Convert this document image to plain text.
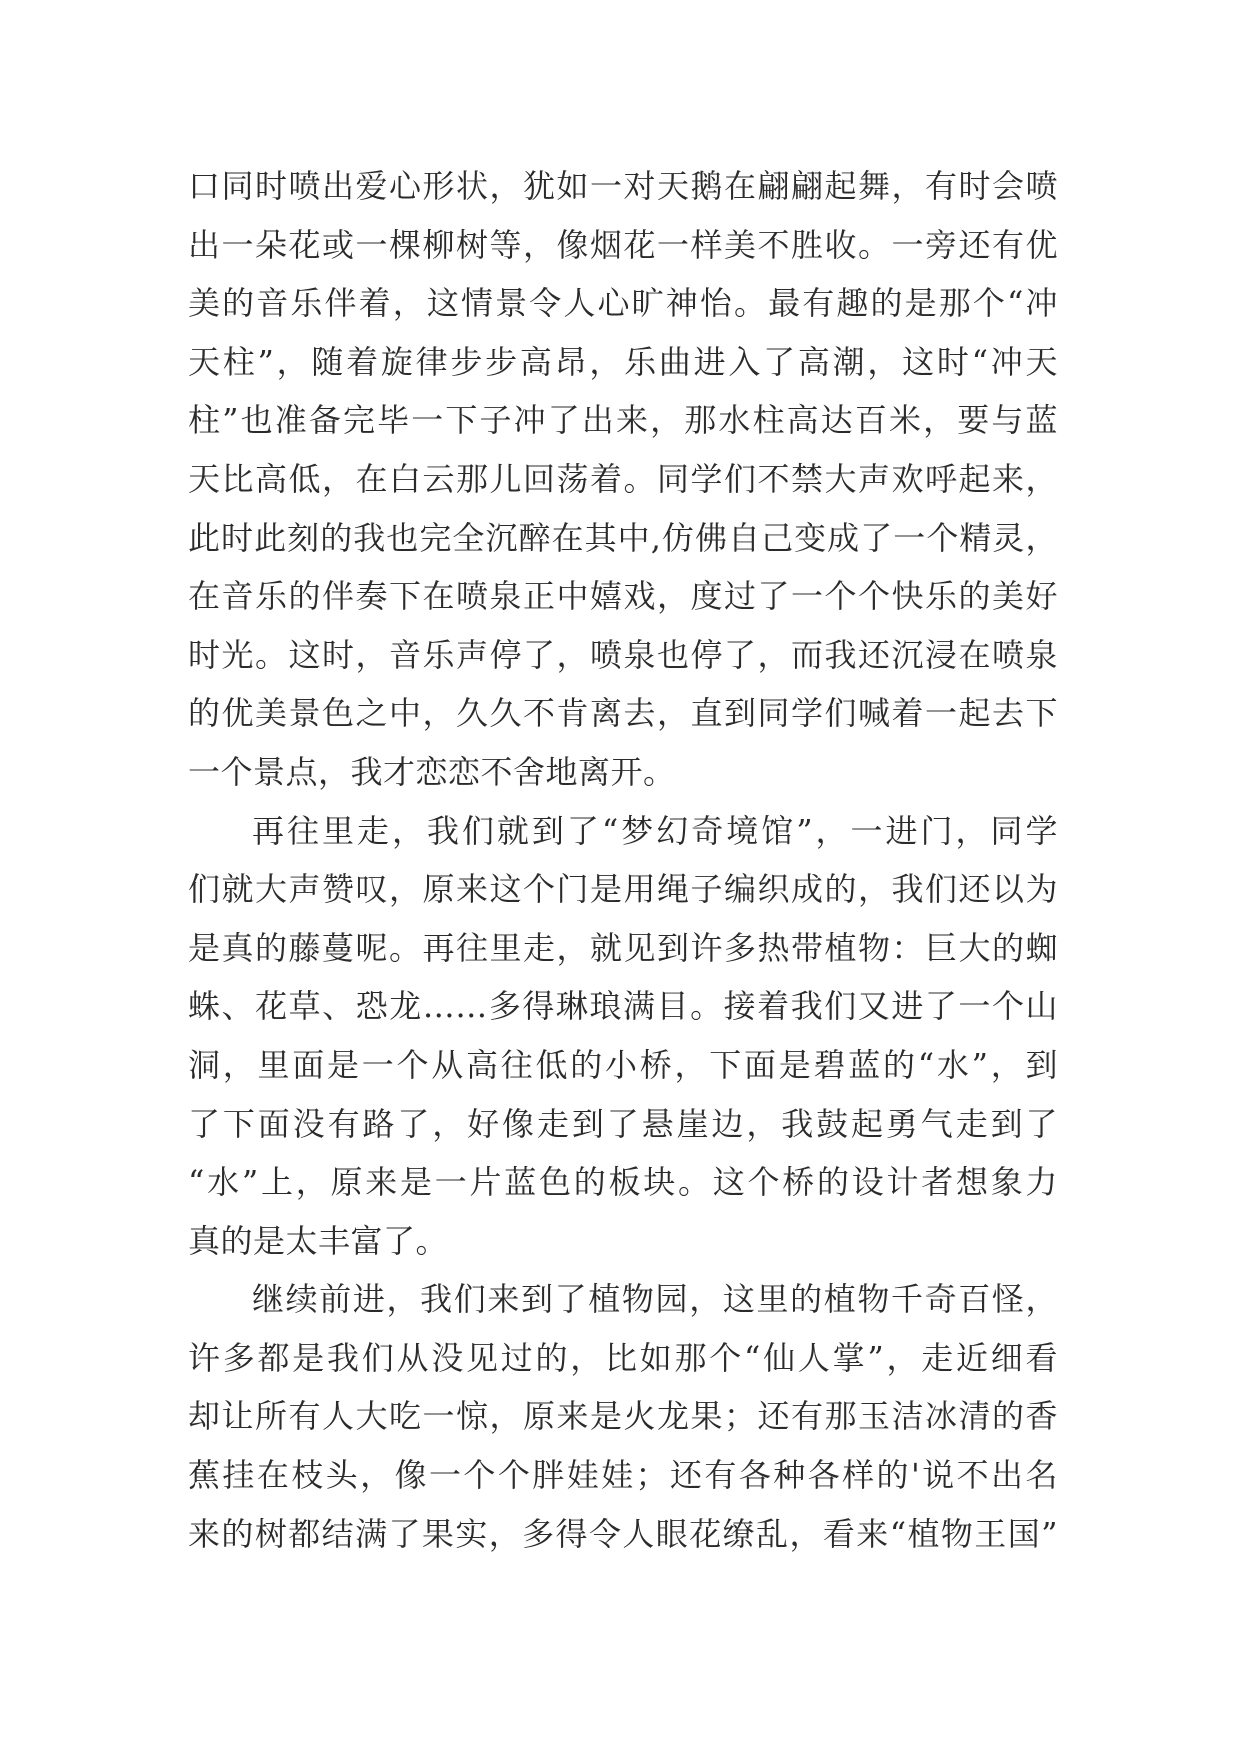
口同时喷出爱心形状，犹如一对天鹅在翩翩起舞，有时会喷
出一朵花或一棵柳树等，像烟花一样美不胜收。一旁还有优
美的音乐伴着，这情景令人心旷神怡。最有趣的是那个“冲
天柱”，随着旋律步步高昂，乐曲进入了高潮，这时“冲天
柱”也准备完毕一下子冲了出来，那水柱高达百米，要与蓝
天比高低，在白云那儿回荡着。同学们不禁大声欢呼起来，
此时此刻的我也完全沉醉在其中,仿佛自己变成了一个精灵，
在音乐的伴奏下在喷泉正中嬉戏，度过了一个个快乐的美好
时光。这时，音乐声停了，喷泉也停了，而我还沉浸在喷泉
的优美景色之中，久久不肯离去，直到同学们喊着一起去下
一个景点，我才恋恋不舍地离开。
再往里走，我们就到了“梦幻奇境馆”，一进门，同学
们就大声赞叹，原来这个门是用绳子编织成的，我们还以为
是真的藤蔓呢。再往里走，就见到许多热带植物：巨大的蜘
蛛、花草、恐龙……多得琳琅满目。接着我们又进了一个山
洞，里面是一个从高往低的小桥，下面是碧蓝的“水”，到
了下面没有路了，好像走到了悬崖边，我鼓起勇气走到了
“水”上，原来是一片蓝色的板块。这个桥的设计者想象力
真的是太丰富了。
继续前进，我们来到了植物园，这里的植物千奇百怪，
许多都是我们从没见过的，比如那个“仙人掌”，走近细看
却让所有人大吃一惊，原来是火龙果；还有那玉洁冰清的香
蕉挂在枝头，像一个个胖娃娃；还有各种各样的'说不出名
来的树都结满了果实，多得令人眼花缭乱，看来“植物王国”
